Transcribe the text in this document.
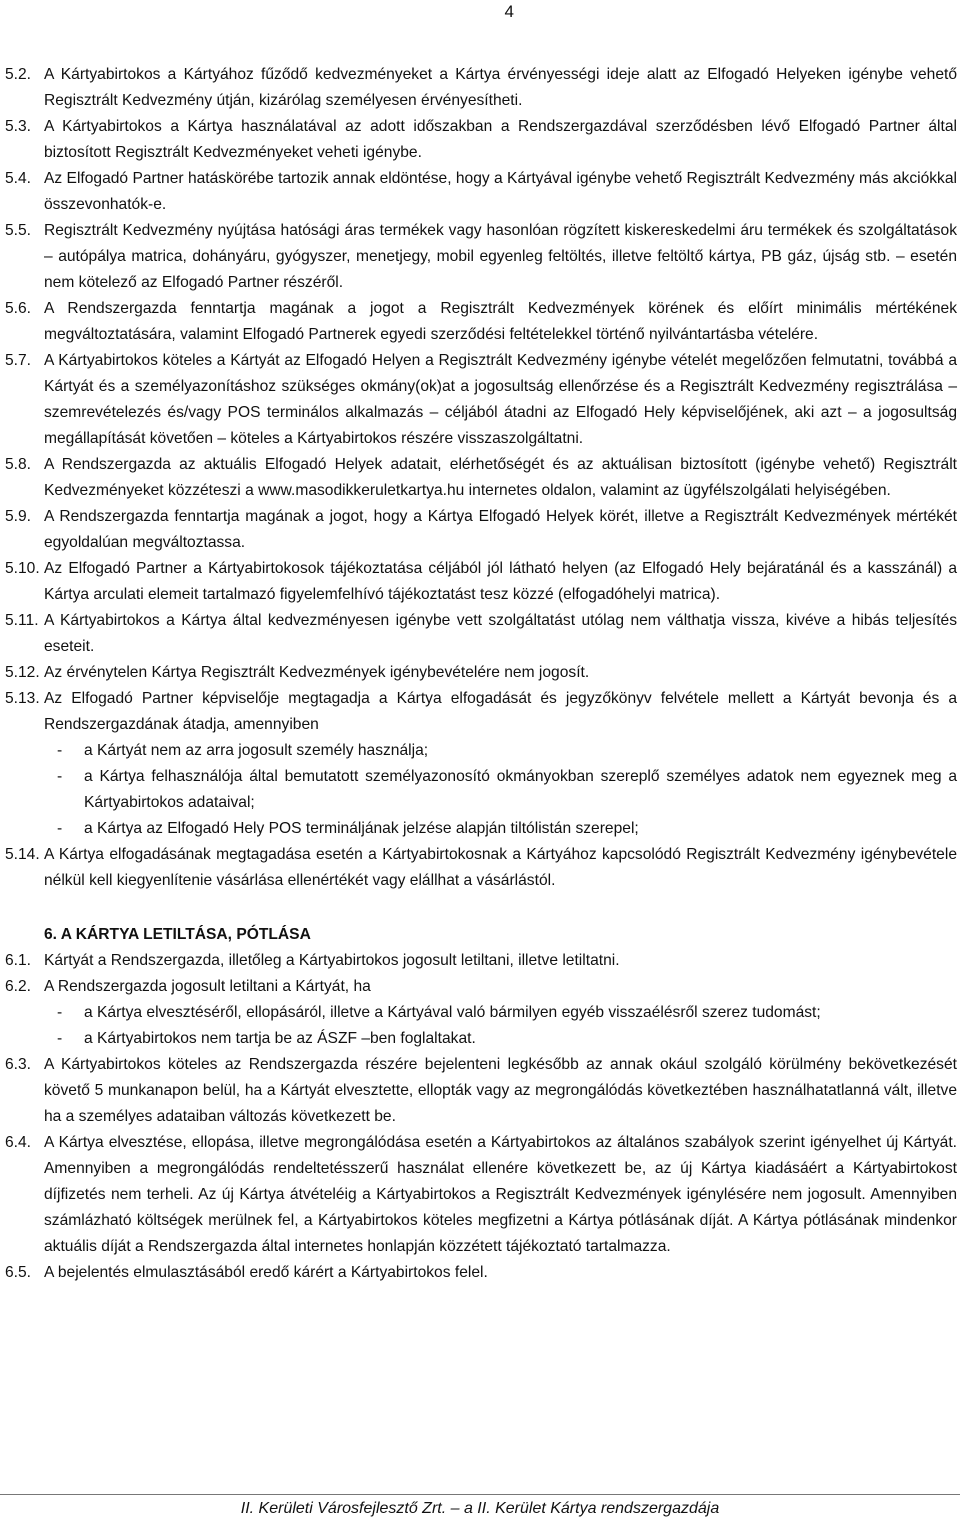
4
5.2. A Kártyabirtokos a Kártyához fűződő kedvezményeket a Kártya érvényességi ideje alatt az Elfogadó Helyeken igénybe vehető Regisztrált Kedvezmény útján, kizárólag személyesen érvényesítheti.
5.3. A Kártyabirtokos a Kártya használatával az adott időszakban a Rendszergazdával szerződésben lévő Elfogadó Partner által biztosított Regisztrált Kedvezményeket veheti igénybe.
5.4. Az Elfogadó Partner hatáskörébe tartozik annak eldöntése, hogy a Kártyával igénybe vehető Regisztrált Kedvezmény más akciókkal összevonhatók-e.
5.5. Regisztrált Kedvezmény nyújtása hatósági áras termékek vagy hasonlóan rögzített kiskereskedelmi áru termékek és szolgáltatások – autópálya matrica, dohányáru, gyógyszer, menetjegy, mobil egyenleg feltöltés, illetve feltöltő kártya, PB gáz, újság stb. – esetén nem kötelező az Elfogadó Partner részéről.
5.6. A Rendszergazda fenntartja magának a jogot a Regisztrált Kedvezmények körének és előírt minimális mértékének megváltoztatására, valamint Elfogadó Partnerek egyedi szerződési feltételekkel történő nyilvántartásba vételére.
5.7. A Kártyabirtokos köteles a Kártyát az Elfogadó Helyen a Regisztrált Kedvezmény igénybe vételét megelőzően felmutatni, továbbá a Kártyát és a személyazonításhoz szükséges okmány(ok)at a jogosultság ellenőrzése és a Regisztrált Kedvezmény regisztrálása – szemrevételezés és/vagy POS terminálos alkalmazás – céljából átadni az Elfogadó Hely képviselőjének, aki azt – a jogosultság megállapítását követően – köteles a Kártyabirtokos részére visszaszolgáltatni.
5.8. A Rendszergazda az aktuális Elfogadó Helyek adatait, elérhetőségét és az aktuálisan biztosított (igénybe vehető) Regisztrált Kedvezményeket közzéteszi a www.masodikkeruletkartya.hu internetes oldalon, valamint az ügyfélszolgálati helyiségében.
5.9. A Rendszergazda fenntartja magának a jogot, hogy a Kártya Elfogadó Helyek körét, illetve a Regisztrált Kedvezmények mértékét egyoldalúan megváltoztassa.
5.10. Az Elfogadó Partner a Kártyabirtokosok tájékoztatása céljából jól látható helyen (az Elfogadó Hely bejáratánál és a kasszánál) a Kártya arculati elemeit tartalmazó figyelemfelhívó tájékoztatást tesz közzé (elfogadóhelyi matrica).
5.11. A Kártyabirtokos a Kártya által kedvezményesen igénybe vett szolgáltatást utólag nem válthatja vissza, kivéve a hibás teljesítés eseteit.
5.12. Az érvénytelen Kártya Regisztrált Kedvezmények igénybevételére nem jogosít.
5.13. Az Elfogadó Partner képviselője megtagadja a Kártya elfogadását és jegyzőkönyv felvétele mellett a Kártyát bevonja és a Rendszergazdának átadja, amennyiben
-	a Kártyát nem az arra jogosult személy használja;
-	a Kártya felhasználója által bemutatott személyazonosító okmányokban szereplő személyes adatok nem egyeznek meg a Kártyabirtokos adataival;
-	a Kártya az Elfogadó Hely POS termináljának jelzése alapján tiltólistán szerepel;
5.14. A Kártya elfogadásának megtagadása esetén a Kártyabirtokosnak a Kártyához kapcsolódó Regisztrált Kedvezmény igénybevétele nélkül kell kiegyenlítenie vásárlása ellenértékét vagy elállhat a vásárlástól.
6. A KÁRTYA LETILTÁSA, PÓTLÁSA
6.1. Kártyát a Rendszergazda, illetőleg a Kártyabirtokos jogosult letiltani, illetve letiltatni.
6.2. A Rendszergazda jogosult letiltani a Kártyát, ha
-	a Kártya elvesztéséről, ellopásáról, illetve a Kártyával való bármilyen egyéb visszaélésről szerez tudomást;
-	a Kártyabirtokos nem tartja be az ÁSZF –ben foglaltakat.
6.3. A Kártyabirtokos köteles az Rendszergazda részére bejelenteni legkésőbb az annak okául szolgáló körülmény bekövetkezését követő 5 munkanapon belül, ha a Kártyát elvesztette, ellopták vagy az megrongálódás következtében használhatatlanná vált, illetve ha a személyes adataiban változás következett be.
6.4. A Kártya elvesztése, ellopása, illetve megrongálódása esetén a Kártyabirtokos az általános szabályok szerint igényelhet új Kártyát. Amennyiben a megrongálódás rendeltetésszerű használat ellenére következett be, az új Kártya kiadásáért a Kártyabirtokost díjfizetés nem terheli. Az új Kártya átvételéig a Kártyabirtokos a Regisztrált Kedvezmények igénylésére nem jogosult. Amennyiben számlázható költségek merülnek fel, a Kártyabirtokos köteles megfizetni a Kártya pótlásának díját. A Kártya pótlásának mindenkor aktuális díját a Rendszergazda által internetes honlapján közzétett tájékoztató tartalmazza.
6.5. A bejelentés elmulasztásából eredő kárért a Kártyabirtokos felel.
II. Kerületi Városfejlesztő Zrt. – a II. Kerület Kártya rendszergazdája
